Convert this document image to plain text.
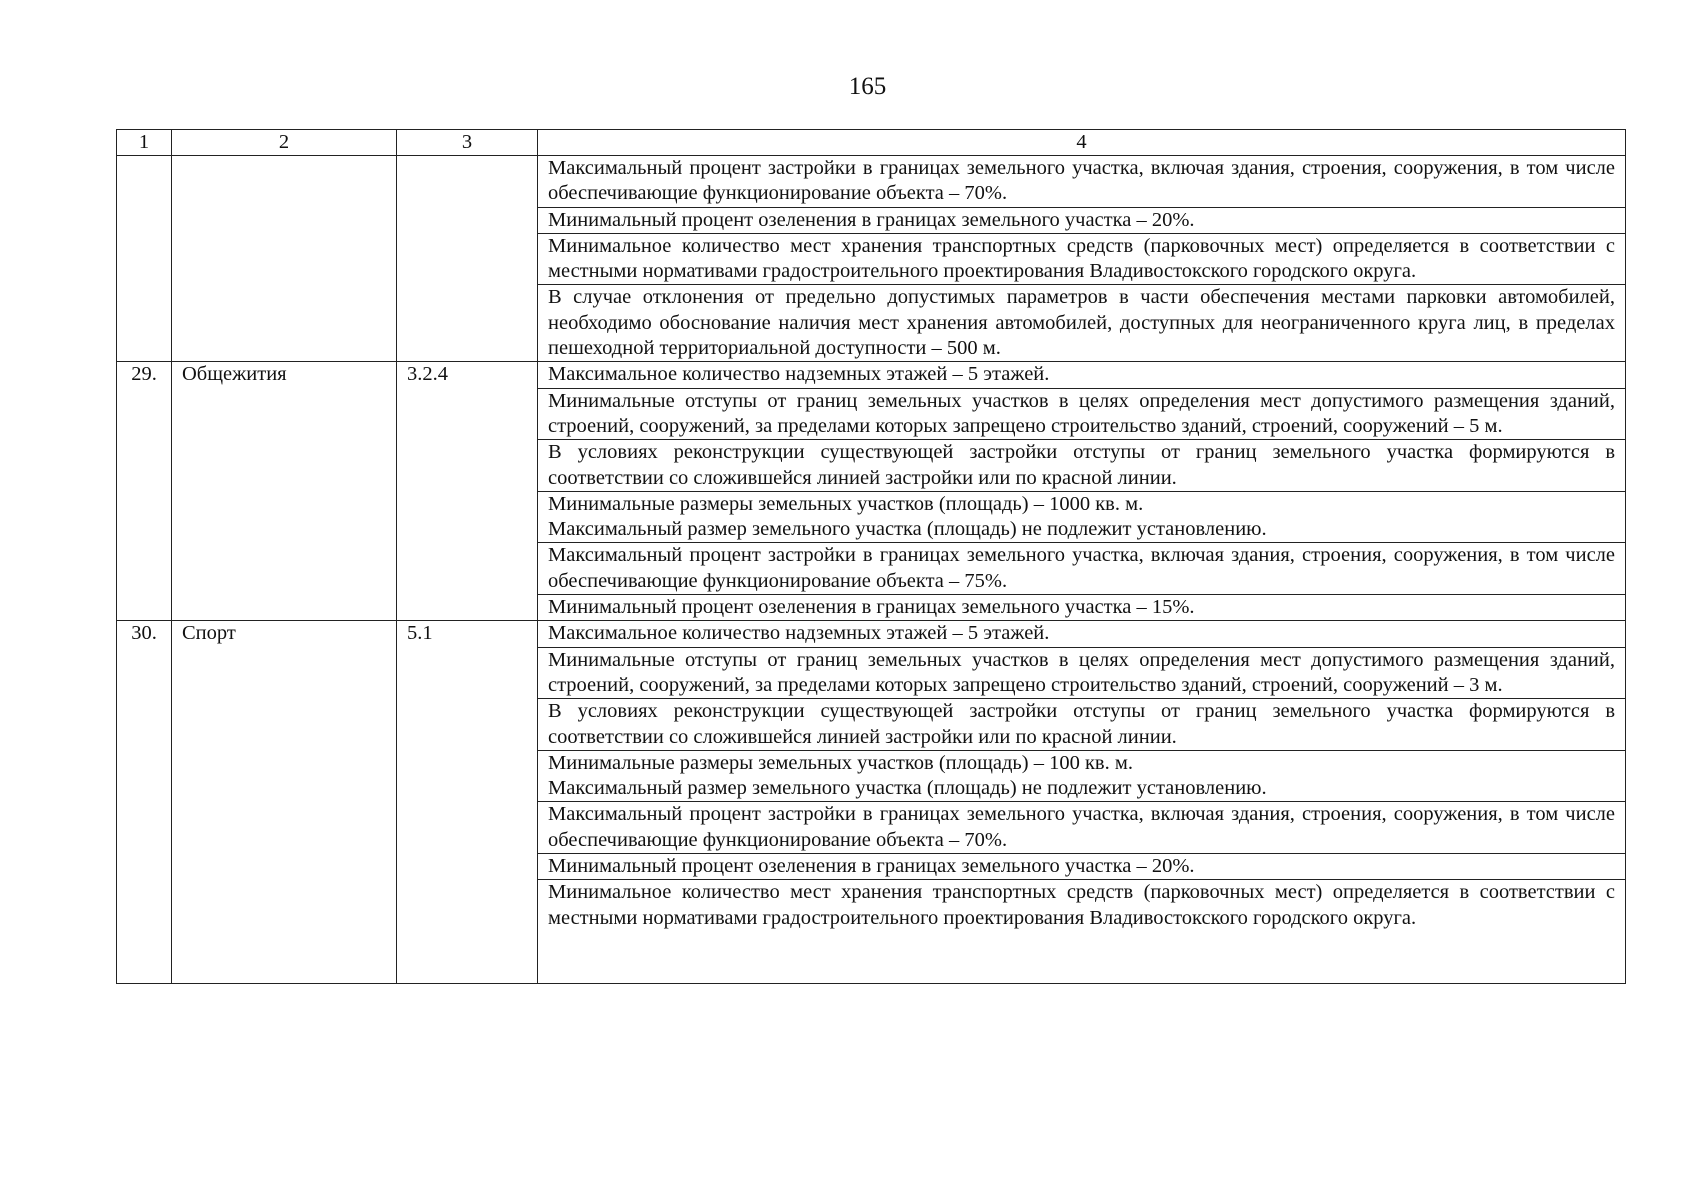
165
1	2	3	4

			Максимальный процент застройки в границах земельного участка, включая здания, строения, сооружения, в том числе обеспечивающие функционирование объекта – 70%.

			Минимальный процент озеленения в границах земельного участка – 20%.

			Минимальное количество мест хранения транспортных средств (парковочных мест) определяется в соответствии с местными нормативами градостроительного проектирования Владивостокского городского округа.

			В случае отклонения от предельно допустимых параметров в части обеспечения местами парковки автомобилей, необходимо обоснование наличия мест хранения автомобилей, доступных для неограниченного круга лиц, в пределах пешеходной территориальной доступности – 500 м.

29.	Общежития	3.2.4	Максимальное количество надземных этажей – 5 этажей.

			Минимальные отступы от границ земельных участков в целях определения мест допустимого размещения зданий, строений, сооружений, за пределами которых запрещено строительство зданий, строений, сооружений – 5 м.

			В условиях реконструкции существующей застройки отступы от границ земельного участка формируются в соответствии со сложившейся линией застройки или по красной линии.

			Минимальные размеры земельных участков (площадь) – 1000 кв. м.
Максимальный размер земельного участка (площадь) не подлежит установлению.

			Максимальный процент застройки в границах земельного участка, включая здания, строения, сооружения, в том числе обеспечивающие функционирование объекта – 75%.

			Минимальный процент озеленения в границах земельного участка – 15%.

30.	Спорт	5.1	Максимальное количество надземных этажей – 5 этажей.

			Минимальные отступы от границ земельных участков в целях определения мест допустимого размещения зданий, строений, сооружений, за пределами которых запрещено строительство зданий, строений, сооружений – 3 м.

			В условиях реконструкции существующей застройки отступы от границ земельного участка формируются в соответствии со сложившейся линией застройки или по красной линии.

			Минимальные размеры земельных участков (площадь) – 100 кв. м.
Максимальный размер земельного участка (площадь) не подлежит установлению.

			Максимальный процент застройки в границах земельного участка, включая здания, строения, сооружения, в том числе обеспечивающие функционирование объекта – 70%.

			Минимальный процент озеленения в границах земельного участка – 20%.

			Минимальное количество мест хранения транспортных средств (парковочных мест) определяется в соответствии с местными нормативами градостроительного проектирования Владивостокского городского округа.
